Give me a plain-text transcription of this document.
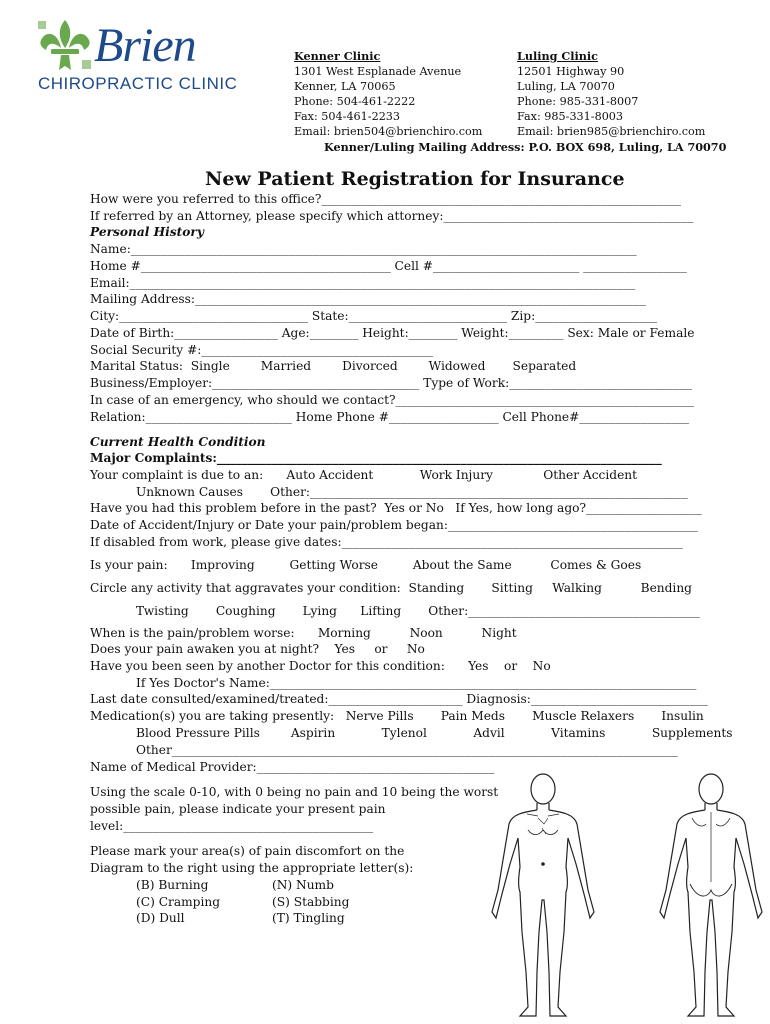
Brien
CHIROPRACTIC CLINIC
Kenner Clinic
1301 West Esplanade Avenue
Kenner, LA 70065
Phone: 504-461-2222
Fax: 504-461-2233
Email: brien504@brienchiro.com
Luling Clinic
12501 Highway 90
Luling, LA 70070
Phone: 985-331-8007
Fax: 985-331-8003
Email: brien985@brienchiro.com
Kenner/Luling Mailing Address: P.O. BOX 698, Luling, LA 70070
New Patient Registration for Insurance
How were you referred to this office?___________________________________________________________
If referred by an Attorney, please specify which attorney:_________________________________________
Personal History
Name:___________________________________________________________________________________
Home #_________________________________________ Cell #________________________ _________________
Email:___________________________________________________________________________________
Mailing Address:__________________________________________________________________________
City:_______________________________ State:__________________________ Zip:____________________
Date of Birth:_________________ Age:________ Height:________ Weight:_________ Sex: Male or Female
Social Security #:______________________________________
Marital Status:  Single        Married        Divorced        Widowed       Separated
Business/Employer:__________________________________ Type of Work:______________________________
In case of an emergency, who should we contact?_________________________________________________
Relation:________________________ Home Phone #__________________ Cell Phone#__________________
Current Health Condition
Major Complaints:_________________________________________________________________________
Your complaint is due to an:      Auto Accident            Work Injury             Other Accident
Unknown Causes       Other:______________________________________________________________
Have you had this problem before in the past?  Yes or No   If Yes, how long ago?___________________
Date of Accident/Injury or Date your pain/problem began:_________________________________________
If disabled from work, please give dates:________________________________________________________
Is your pain:      Improving         Getting Worse         About the Same          Comes & Goes
Circle any activity that aggravates your condition:  Standing       Sitting     Walking          Bending
Twisting       Coughing       Lying      Lifting       Other:______________________________________
When is the pain/problem worse:      Morning          Noon          Night
Does your pain awaken you at night?    Yes     or     No
Have you been seen by another Doctor for this condition:      Yes    or    No
If Yes Doctor's Name:______________________________________________________________________
Last date consulted/examined/treated:______________________ Diagnosis:_____________________________
Medication(s) you are taking presently:   Nerve Pills       Pain Meds       Muscle Relaxers       Insulin
Blood Pressure Pills        Aspirin            Tylenol            Advil            Vitamins            Supplements
Other___________________________________________________________________________________
Name of Medical Provider:_______________________________________
Using the scale 0-10, with 0 being no pain and 10 being the worst
possible pain, please indicate your present pain
level:_________________________________________
Please mark your area(s) of pain discomfort on the
Diagram to the right using the appropriate letter(s):
(B) Burning	(N) Numb
(C) Cramping	(S) Stabbing
(D) Dull	(T) Tingling
